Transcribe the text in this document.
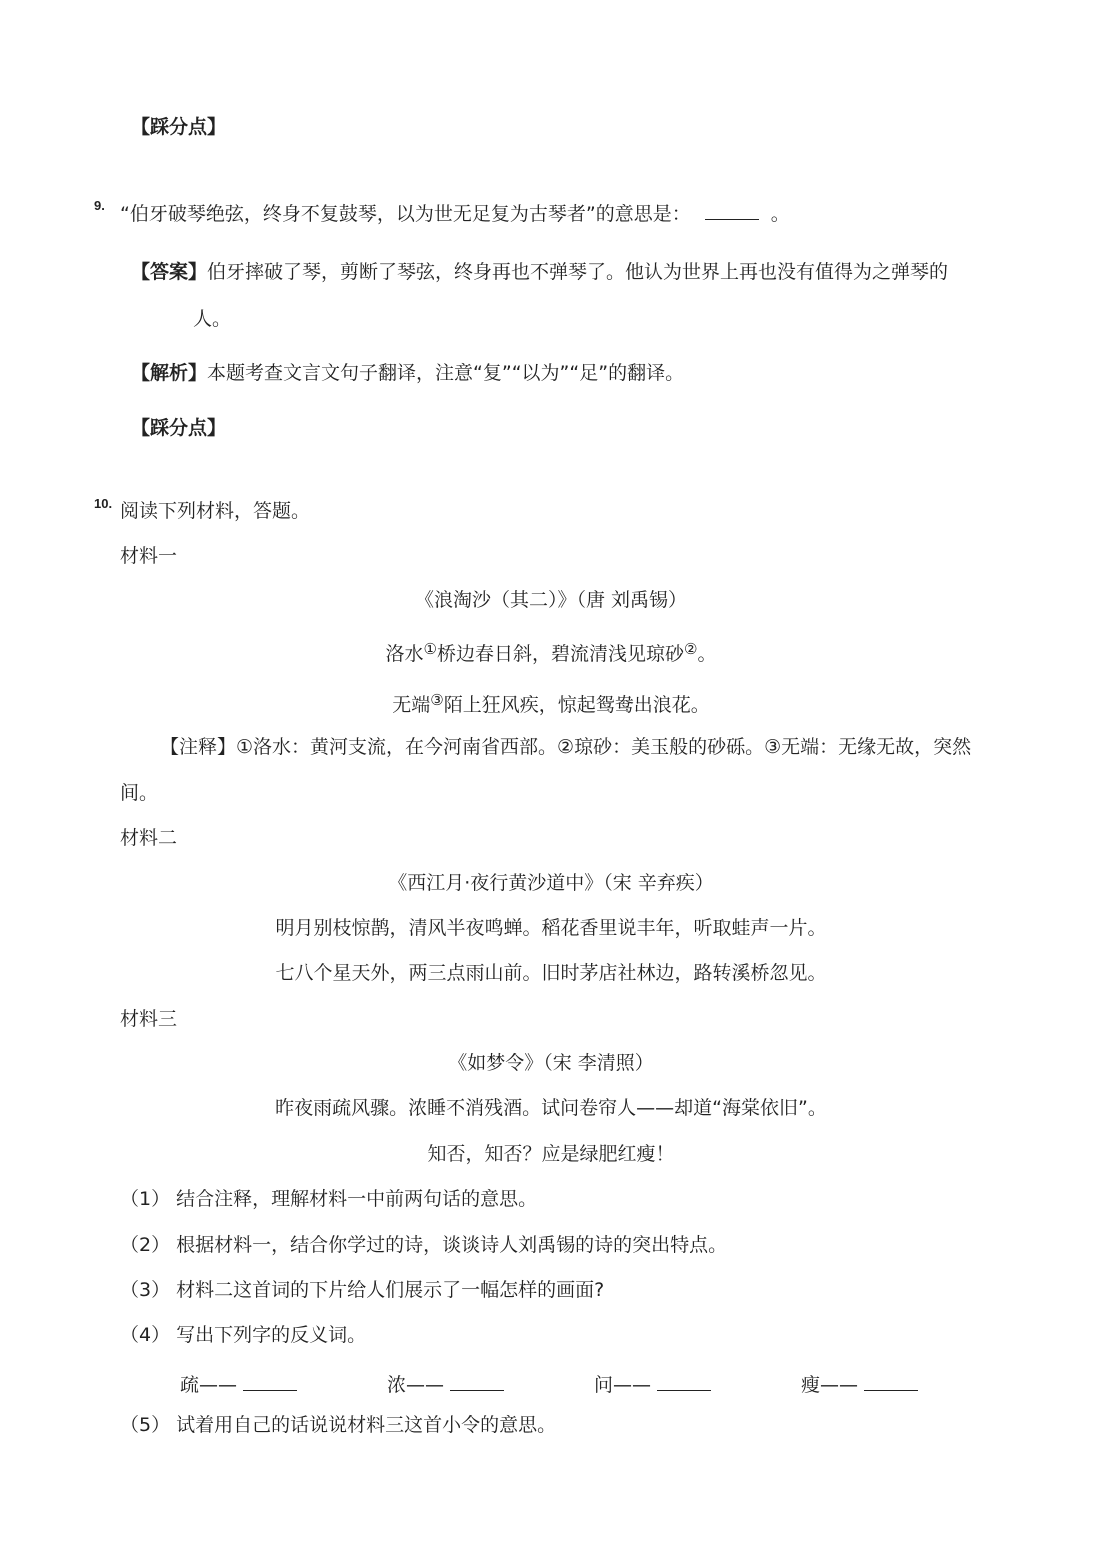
【踩分点】
9. “伯牙破琴绝弦，终身不复鼓琴，以为世无足复为古琴者”的意思是：	。
【答案】伯牙摔破了琴，剪断了琴弦，终身再也不弹琴了。他认为世界上再也没有值得为之弹琴的
人。
【解析】本题考查文言文句子翻译，注意“复”“以为”“足”的翻译。
【踩分点】
10. 阅读下列材料，答题。
材料一
《浪淘沙（其二）》（唐 刘禹锡）
洛水①桥边春日斜，碧流清浅见琼砂②。
无端③陌上狂风疾，惊起鸳鸯出浪花。
【注释】①洛水：黄河支流，在今河南省西部。②琼砂：美玉般的砂砾。③无端：无缘无故，突然
间。
材料二
《西江月·夜行黄沙道中》（宋 辛弃疾）
明月别枝惊鹊，清风半夜鸣蝉。稻花香里说丰年，听取蛙声一片。
七八个星天外，两三点雨山前。旧时茅店社林边，路转溪桥忽见。
材料三
《如梦令》（宋 李清照）
昨夜雨疏风骤。浓睡不消残酒。试问卷帘人——却道“海棠依旧”。
知否，知否？应是绿肥红瘦！
（1） 结合注释，理解材料一中前两句话的意思。
（2） 根据材料一，结合你学过的诗，谈谈诗人刘禹锡的诗的突出特点。
（3） 材料二这首词的下片给人们展示了一幅怎样的画面?
（4） 写出下列字的反义词。
疏——	浓——	问——	瘦——
（5） 试着用自己的话说说材料三这首小令的意思。
